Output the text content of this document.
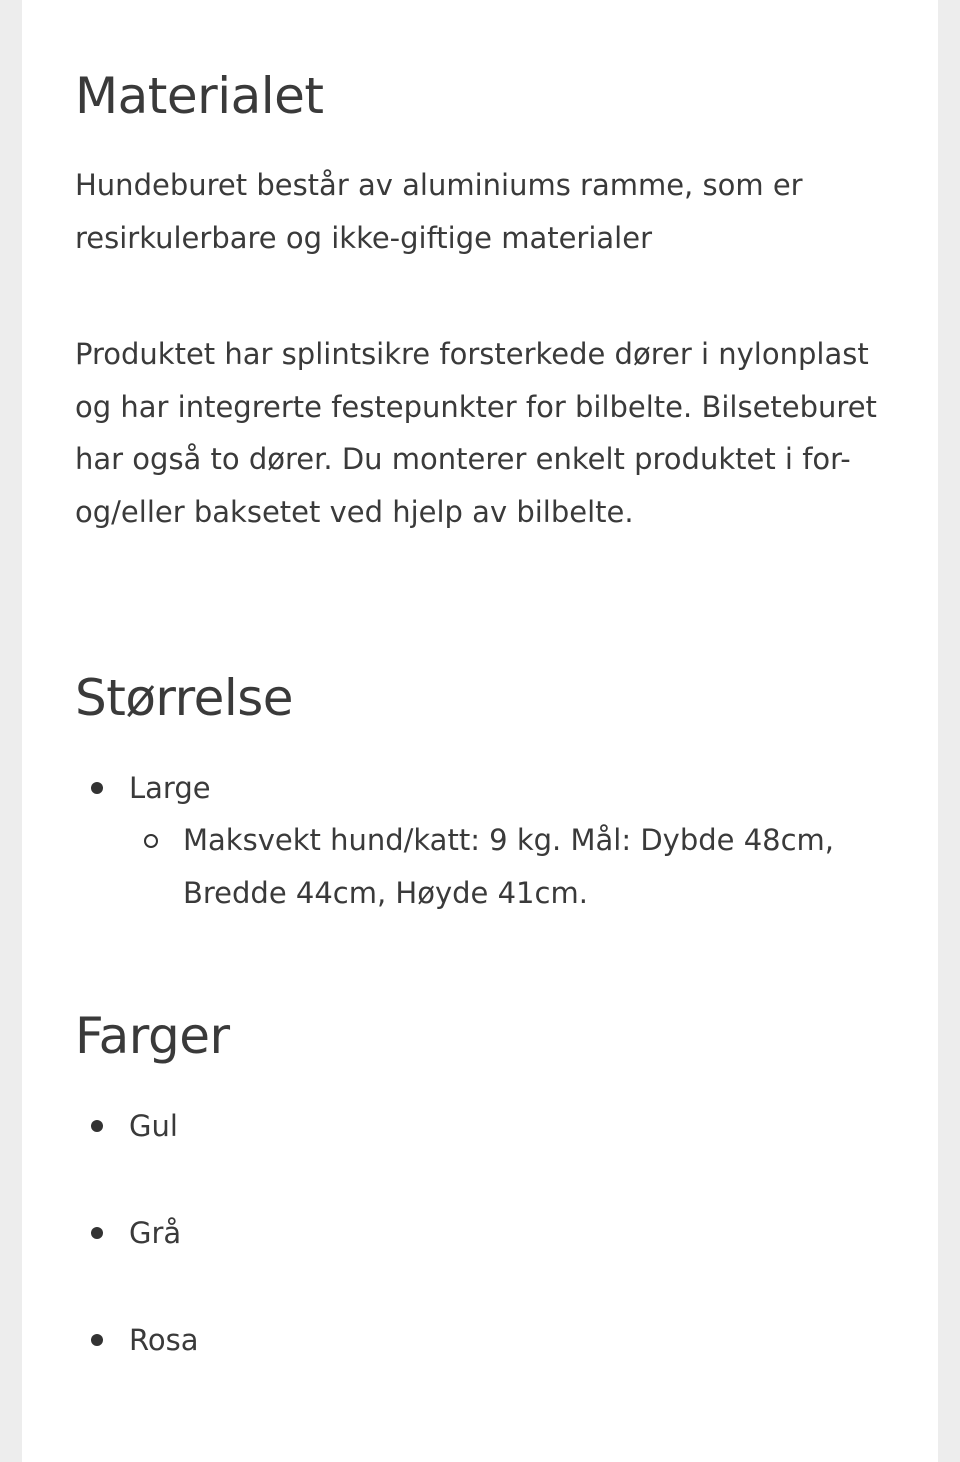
Materialet

Hundeburet består av aluminiums ramme, som er resirkulerbare og ikke-giftige materialer

Produktet har splintsikre forsterkede dører i nylonplast og har integrerte festepunkter for bilbelte. Bilseteburet har også to dører. Du monterer enkelt produktet i for- og/eller baksetet ved hjelp av bilbelte.

Størrelse
Large
Maksvekt hund/katt: 9 kg. Mål: Dybde 48cm, Bredde 44cm, Høyde 41cm.
Farger
Gul
Grå
Rosa
